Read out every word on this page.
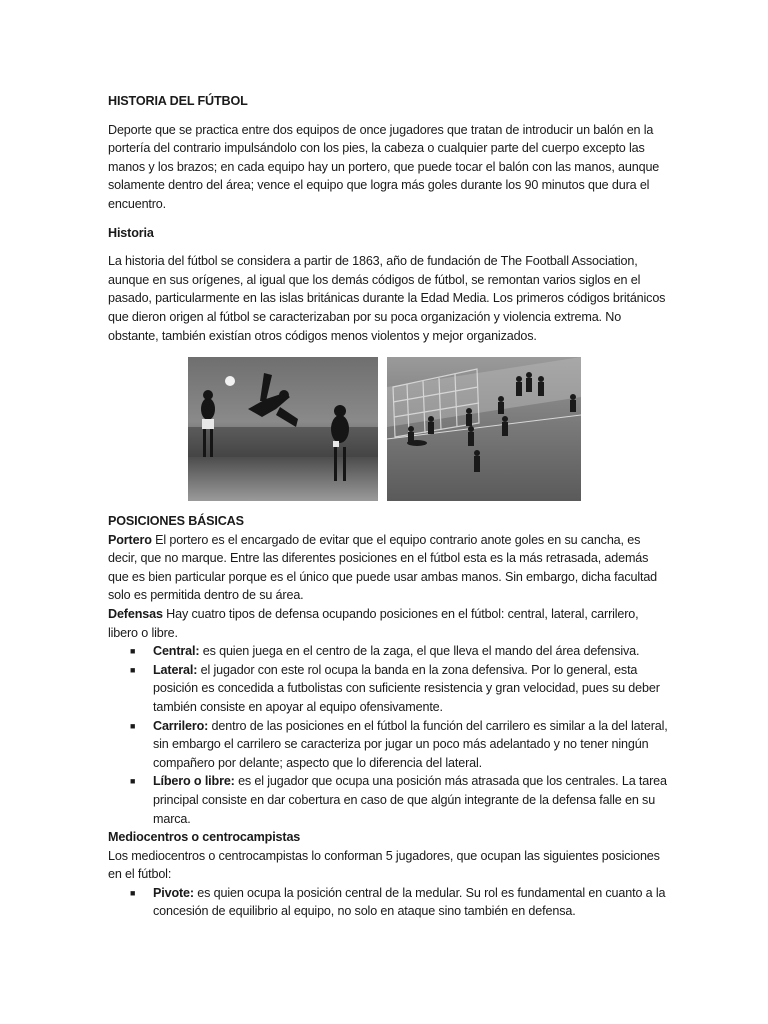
HISTORIA DEL FÚTBOL

Deporte que se practica entre dos equipos de once jugadores que tratan de introducir un balón en la portería del contrario impulsándolo con los pies, la cabeza o cualquier parte del cuerpo excepto las manos y los brazos; en cada equipo hay un portero, que puede tocar el balón con las manos, aunque solamente dentro del área; vence el equipo que logra más goles durante los 90 minutos que dura el encuentro.

Historia

La historia del fútbol se considera a partir de 1863, año de fundación de The Football Association, aunque en sus orígenes, al igual que los demás códigos de fútbol, se remontan varios siglos en el pasado, particularmente en las islas británicas durante la Edad Media. Los primeros códigos británicos que dieron origen al fútbol se caracterizaban por su poca organización y violencia extrema. No obstante, también existían otros códigos menos violentos y mejor organizados.

POSICIONES BÁSICAS

Portero El portero es el encargado de evitar que el equipo contrario anote goles en su cancha, es decir, que no marque. Entre las diferentes posiciones en el fútbol esta es la más retrasada, además que es bien particular porque es el único que puede usar ambas manos. Sin embargo, dicha facultad solo es permitida dentro de su área.

Defensas Hay cuatro tipos de defensa ocupando posiciones en el fútbol: central, lateral, carrilero, libero o libre.

■ Central: es quien juega en el centro de la zaga, el que lleva el mando del área defensiva.
■ Lateral: el jugador con este rol ocupa la banda en la zona defensiva. Por lo general, esta posición es concedida a futbolistas con suficiente resistencia y gran velocidad, pues su deber también consiste en apoyar al equipo ofensivamente.
■ Carrilero: dentro de las posiciones en el fútbol la función del carrilero es similar a la del lateral, sin embargo el carrilero se caracteriza por jugar un poco más adelantado y no tener ningún compañero por delante; aspecto que lo diferencia del lateral.
■ Líbero o libre: es el jugador que ocupa una posición más atrasada que los centrales. La tarea principal consiste en dar cobertura en caso de que algún integrante de la defensa falle en su marca.

Mediocentros o centrocampistas

Los mediocentros o centrocampistas lo conforman 5 jugadores, que ocupan las siguientes posiciones en el fútbol:

■ Pivote: es quien ocupa la posición central de la medular. Su rol es fundamental en cuanto a la concesión de equilibrio al equipo, no solo en ataque sino también en defensa.
